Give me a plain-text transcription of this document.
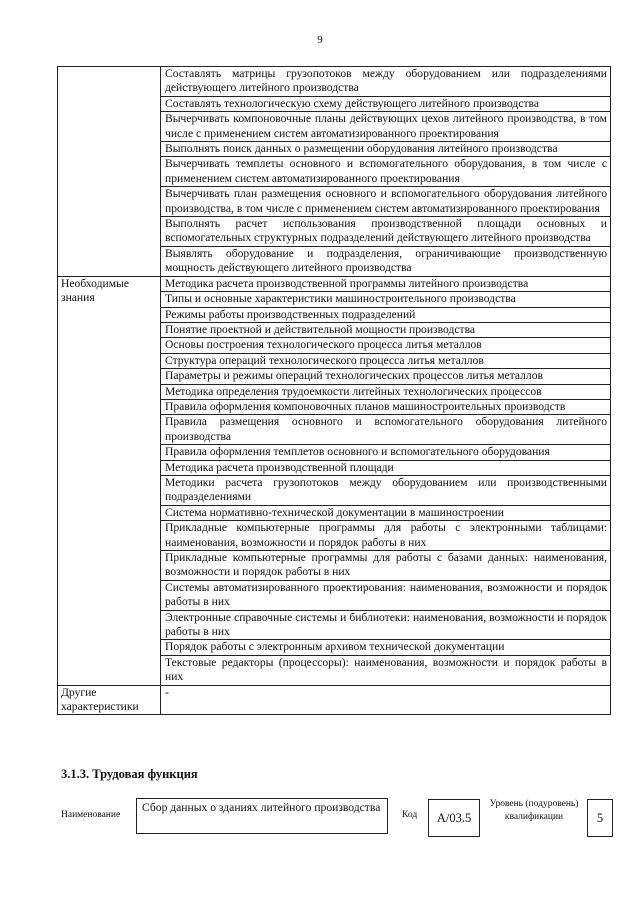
9
	Составлять матрицы грузопотоков между оборудованием или подразделениями действующего литейного производства
	Составлять технологическую схему действующего литейного производства
	Вычерчивать компоновочные планы действующих цехов литейного производства, в том числе с применением систем автоматизированного проектирования
	Выполнять поиск данных о размещении оборудования литейного производства
	Вычерчивать темплеты основного и вспомогательного оборудования, в том числе с применением систем автоматизированного проектирования
	Вычерчивать план размещения основного и вспомогательного оборудования литейного производства, в том числе с применением систем автоматизированного проектирования
	Выполнять расчет использования производственной площади основных и вспомогательных структурных подразделений действующего литейного производства
	Выявлять оборудование и подразделения, ограничивающие производственную мощность действующего литейного производства
Необходимые знания	Методика расчета производственной программы литейного производства
	Типы и основные характеристики машиностроительного производства
	Режимы работы производственных подразделений
	Понятие проектной и действительной мощности производства
	Основы построения технологического процесса литья металлов
	Структура операций технологического процесса литья металлов
	Параметры и режимы операций технологических процессов литья металлов
	Методика определения трудоемкости литейных технологических процессов
	Правила оформления компоновочных планов машиностроительных производств
	Правила размещения основного и вспомогательного оборудования литейного производства
	Правила оформления темплетов основного и вспомогательного оборудования
	Методика расчета производственной площади
	Методики расчета грузопотоков между оборудованием или производственными подразделениями
	Система нормативно-технической документации в машиностроении
	Прикладные компьютерные программы для работы с электронными таблицами: наименования, возможности и порядок работы в них
	Прикладные компьютерные программы для работы с базами данных: наименования, возможности и порядок работы в них
	Системы автоматизированного проектирования: наименования, возможности и порядок работы в них
	Электронные справочные системы и библиотеки: наименования, возможности и порядок работы в них
	Порядок работы с электронным архивом технической документации
	Текстовые редакторы (процессоры): наименования, возможности и порядок работы в них
Другие характеристики	-
3.1.3. Трудовая функция
Наименование
Сбор данных о зданиях литейного производства
Код	A/03.5
Уровень (подуровень) квалификации	5
